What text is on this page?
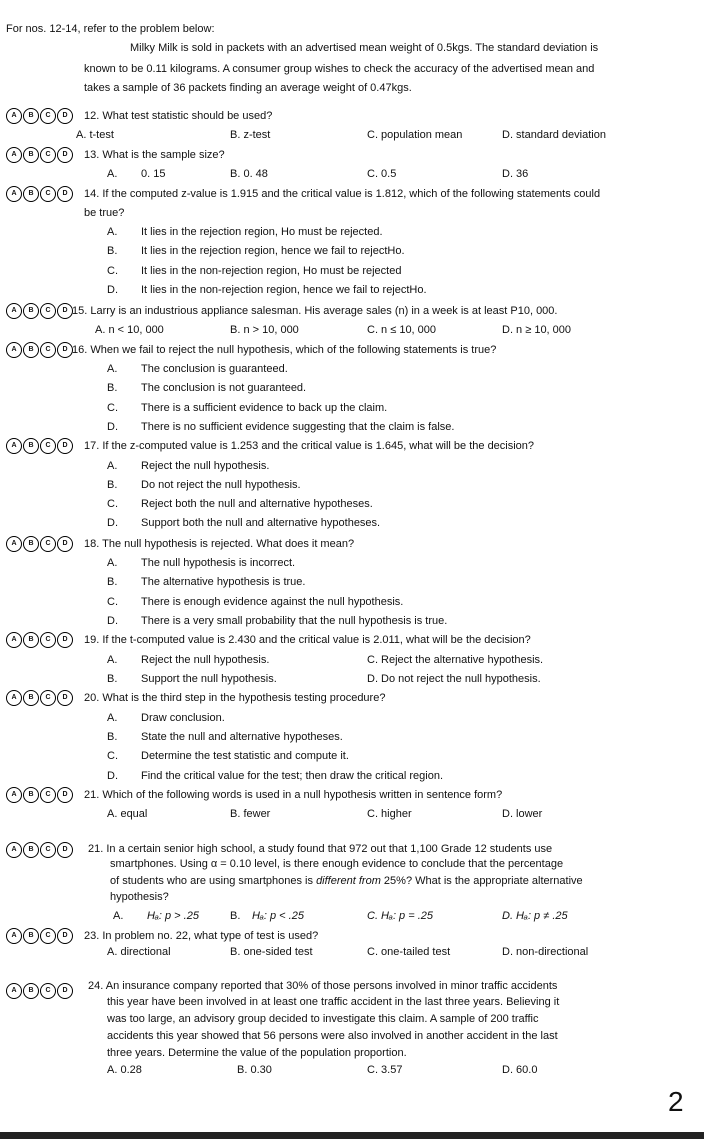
For nos. 12-14, refer to the problem below:
Milky Milk is sold in packets with an advertised mean weight of 0.5kgs. The standard deviation is
known to be 0.11 kilograms. A consumer group wishes to check the accuracy of the advertised mean and
takes a sample of 36 packets finding an average weight of 0.47kgs.
A	B	C	D	12. What test statistic should be used?
A. t-test	B. z-test	C. population mean	D. standard deviation
A	B	C	D	13. What is the sample size?
A. 0. 15	B. 0. 48	C. 0.5	D. 36
A	B	C	D	14. If the computed z-value is 1.915 and the critical value is 1.812, which of the following statements could
be true?
A. It lies in the rejection region, Ho must be rejected.
B. It lies in the rejection region, hence we fail to rejectHo.
C. It lies in the non-rejection region, Ho must be rejected
D. It lies in the non-rejection region, hence we fail to rejectHo.
A	B	C	D 15. Larry is an industrious appliance salesman. His average sales (n) in a week is at least P10, 000.
A. n < 10, 000	B. n > 10, 000	C. n ≤ 10, 000	D. n ≥ 10, 000
A	B	C	D 16. When we fail to reject the null hypothesis, which of the following statements is true?
A. The conclusion is guaranteed.
B. The conclusion is not guaranteed.
C. There is a sufficient evidence to back up the claim.
D. There is no sufficient evidence suggesting that the claim is false.
A	B	C	D	17. If the z-computed value is 1.253 and the critical value is 1.645, what will be the decision?
A. Reject the null hypothesis.
B. Do not reject the null hypothesis.
C. Reject both the null and alternative hypotheses.
D. Support both the null and alternative hypotheses.
A	B	C	D	18. The null hypothesis is rejected. What does it mean?
A. The null hypothesis is incorrect.
B. The alternative hypothesis is true.
C. There is enough evidence against the null hypothesis.
D. There is a very small probability that the null hypothesis is true.
A	B	C	D	19. If the t-computed value is 2.430 and the critical value is 2.011, what will be the decision?
A. Reject the null hypothesis.	C. Reject the alternative hypothesis.
B. Support the null hypothesis.	D. Do not reject the null hypothesis.
A	B	C	D	20. What is the third step in the hypothesis testing procedure?
A. Draw conclusion.
B. State the null and alternative hypotheses.
C. Determine the test statistic and compute it.
D. Find the critical value for the test; then draw the critical region.
A	B	C	D	21. Which of the following words is used in a null hypothesis written in sentence form?
A. equal	B. fewer	C. higher	D. lower
A	B	C	D	21. In a certain senior high school, a study found that 972 out that 1,100 Grade 12 students use
smartphones. Using α = 0.10 level, is there enough evidence to conclude that the percentage
of students who are using smartphones is different from 25%? What is the appropriate alternative
hypothesis?
A. Hₐ: p > .25	B. Hₐ: p < .25	C. Hₐ: p = .25	D. Hₐ: p ≠ .25
A	B	C	D	23. In problem no. 22, what type of test is used?
A. directional	B. one-sided test	C. one-tailed test	D. non-directional
A	B	C	D	24. An insurance company reported that 30% of those persons involved in minor traffic accidents
this year have been involved in at least one traffic accident in the last three years. Believing it
was too large, an advisory group decided to investigate this claim. A sample of 200 traffic
accidents this year showed that 56 persons were also involved in another accident in the last
three years. Determine the value of the population proportion.
A. 0.28	B. 0.30	C. 3.57	D. 60.0
2
